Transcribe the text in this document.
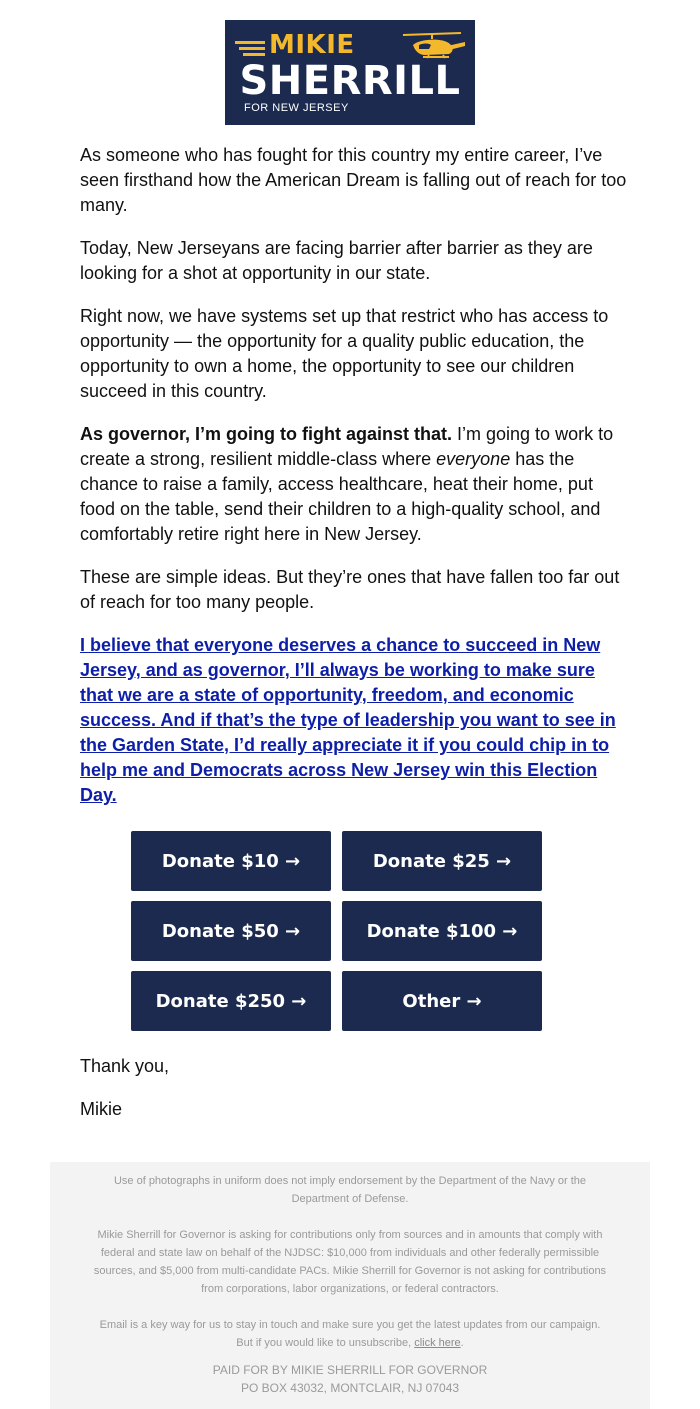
MIKIE
SHERRILL
FOR NEW JERSEY

As someone who has fought for this country my entire career, I’ve seen firsthand how the American Dream is falling out of reach for too many.

Today, New Jerseyans are facing barrier after barrier as they are looking for a shot at opportunity in our state.

Right now, we have systems set up that restrict who has access to opportunity — the opportunity for a quality public education, the opportunity to own a home, the opportunity to see our children succeed in this country.

As governor, I’m going to fight against that. I’m going to work to create a strong, resilient middle-class where everyone has the chance to raise a family, access healthcare, heat their home, put food on the table, send their children to a high-quality school, and comfortably retire right here in New Jersey.

These are simple ideas. But they’re ones that have fallen too far out of reach for too many people.

I believe that everyone deserves a chance to succeed in New Jersey, and as governor, I’ll always be working to make sure that we are a state of opportunity, freedom, and economic success. And if that’s the type of leadership you want to see in the Garden State, I’d really appreciate it if you could chip in to help me and Democrats across New Jersey win this Election Day.

Donate $10 →	Donate $25 →
Donate $50 →	Donate $100 →
Donate $250 →	Other →
Thank you,
Mikie

Use of photographs in uniform does not imply endorsement by the Department of the Navy or the Department of Defense.

Mikie Sherrill for Governor is asking for contributions only from sources and in amounts that comply with federal and state law on behalf of the NJDSC: $10,000 from individuals and other federally permissible sources, and $5,000 from multi-candidate PACs. Mikie Sherrill for Governor is not asking for contributions from corporations, labor organizations, or federal contractors.

Email is a key way for us to stay in touch and make sure you get the latest updates from our campaign. But if you would like to unsubscribe, click here.

PAID FOR BY MIKIE SHERRILL FOR GOVERNOR

PO BOX 43032, MONTCLAIR, NJ 07043
